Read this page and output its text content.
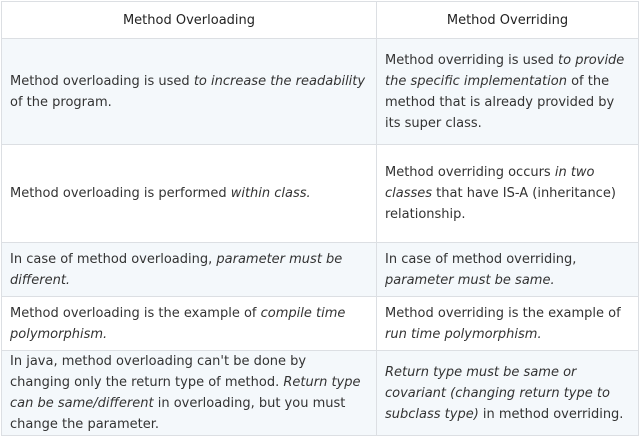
Method Overloading	Method Overriding
Method overloading is used to increase the readability of the program.	Method overriding is used to provide the specific implementation of the method that is already provided by its super class.
Method overloading is performed within class.	Method overriding occurs in two classes that have IS-A (inheritance) relationship.
In case of method overloading, parameter must be different.	In case of method overriding, parameter must be same.
Method overloading is the example of compile time polymorphism.	Method overriding is the example of run time polymorphism.
In java, method overloading can't be done by changing only the return type of method. Return type can be same/different in overloading, but you must change the parameter.	Return type must be same or covariant (changing return type to subclass type) in method overriding.
